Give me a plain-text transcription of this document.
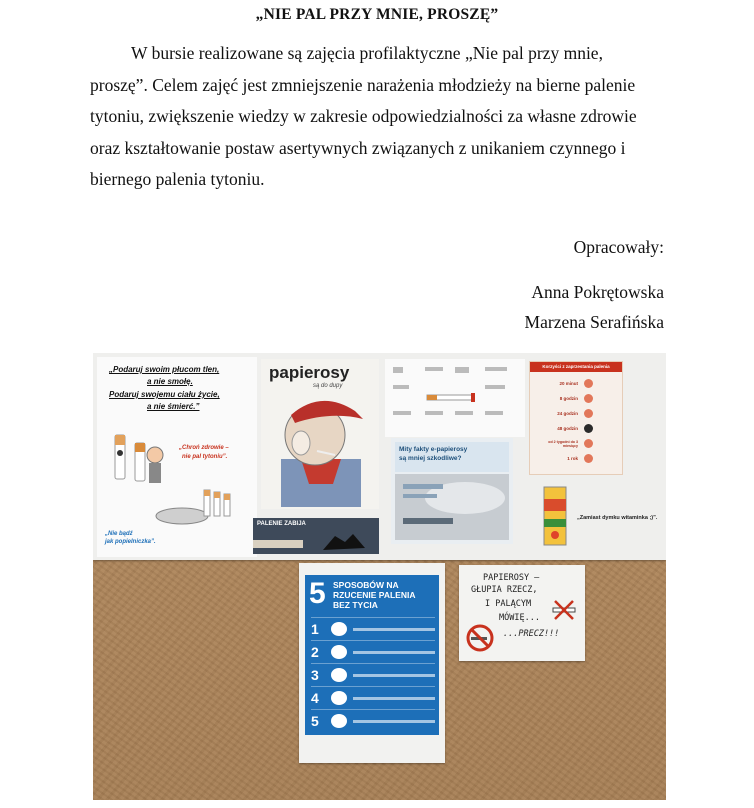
„NIE PAL PRZY MNIE, PROSZĘ”
W bursie realizowane są zajęcia profilaktyczne „Nie pal przy mnie,
proszę”. Celem zajęć jest zmniejszenie narażenia młodzieży na bierne palenie
tytoniu, zwiększenie wiedzy w zakresie odpowiedzialności za własne zdrowie
oraz kształtowanie postaw asertywnych związanych z unikaniem czynnego i
biernego palenia tytoniu.
Opracowały:
Anna Pokrętowska
Marzena Serafińska
„Podaruj swoim płucom tlen,
a nie smołę.
Podaruj swojemu ciału życie,
a nie śmierć.”
„Chroń zdrowie –
nie pal tytoniu”.
„Nie bądź
jak popielniczka”.
papierosy
są do dupy
PALENIE ZABIJA
Mity fakty e-papierosy
są mniej szkodliwe?
Korzyści z zaprzestania palenia
20 minut
8 godzin
24 godzin
48 godzin
od 2 tygodni do 3 miesięcy
1 rok
„Zamiast dymku witaminka ;)”.
5 SPOSOBÓW NA
RZUCENIE PALENIA
BEZ TYCIA
1
2
3
4
5
PAPIEROSY –
GŁUPIA RZECZ,
I PALĄCYM
MÓWIĘ...
...PRECZ!!!
